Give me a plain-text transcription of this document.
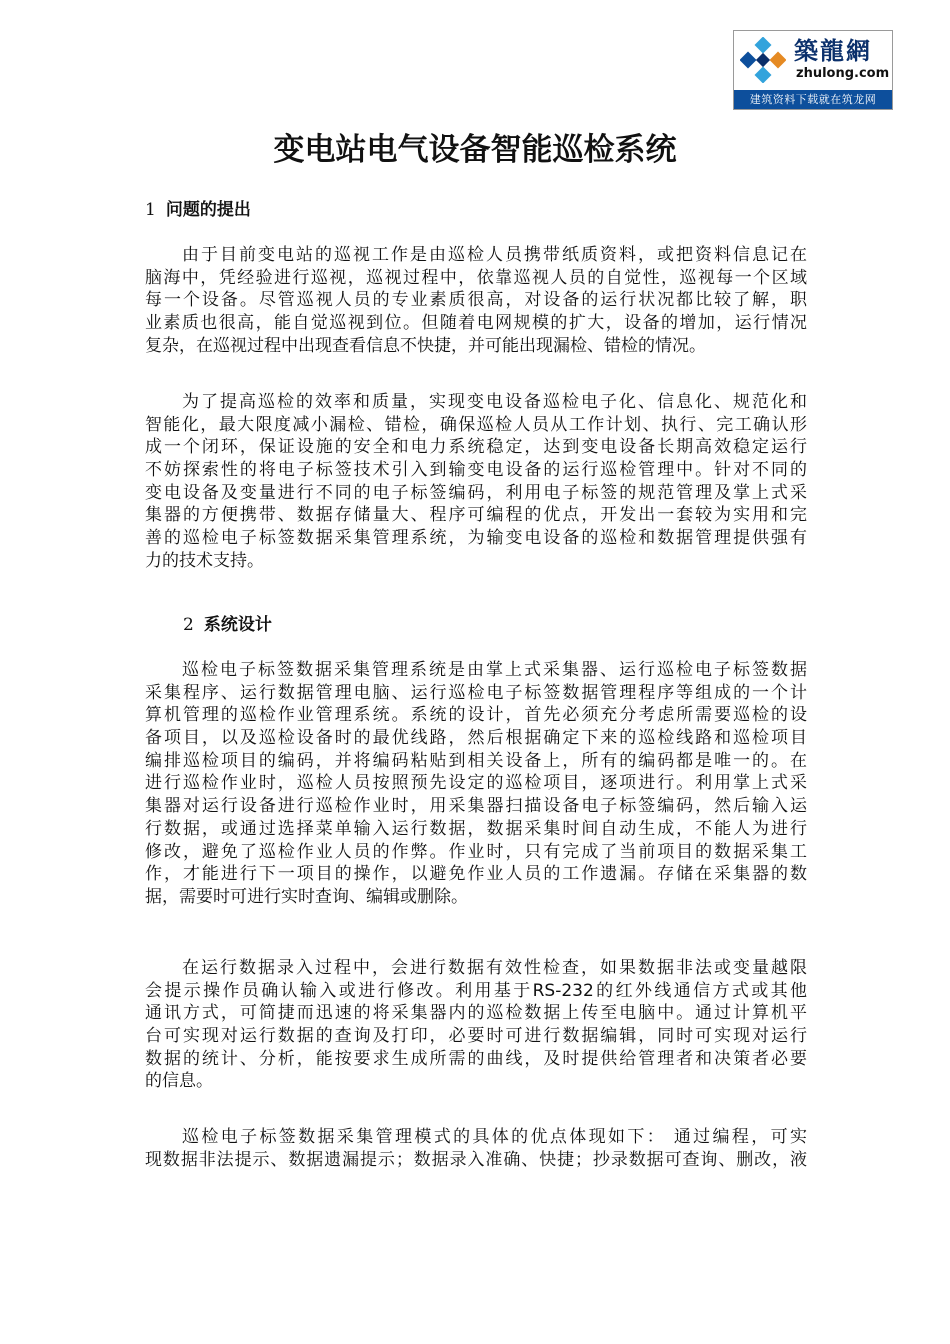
築龍網
zhulong.com
建筑资料下载就在筑龙网
变电站电气设备智能巡检系统
1 问题的提出
由于目前变电站的巡视工作是由巡检人员携带纸质资料，或把资料信息记在
脑海中，凭经验进行巡视，巡视过程中，依靠巡视人员的自觉性，巡视每一个区域
每一个设备。尽管巡视人员的专业素质很高，对设备的运行状况都比较了解，职
业素质也很高，能自觉巡视到位。但随着电网规模的扩大，设备的增加，运行情况
复杂，在巡视过程中出现查看信息不快捷，并可能出现漏检、错检的情况。
为了提高巡检的效率和质量，实现变电设备巡检电子化、信息化、规范化和
智能化，最大限度减小漏检、错检，确保巡检人员从工作计划、执行、完工确认形
成一个闭环，保证设施的安全和电力系统稳定，达到变电设备长期高效稳定运行
不妨探索性的将电子标签技术引入到输变电设备的运行巡检管理中。针对不同的
变电设备及变量进行不同的电子标签编码，利用电子标签的规范管理及掌上式采
集器的方便携带、数据存储量大、程序可编程的优点，开发出一套较为实用和完
善的巡检电子标签数据采集管理系统，为输变电设备的巡检和数据管理提供强有
力的技术支持。
2 系统设计
巡检电子标签数据采集管理系统是由掌上式采集器、运行巡检电子标签数据
采集程序、运行数据管理电脑、运行巡检电子标签数据管理程序等组成的一个计
算机管理的巡检作业管理系统。系统的设计，首先必须充分考虑所需要巡检的设
备项目，以及巡检设备时的最优线路，然后根据确定下来的巡检线路和巡检项目
编排巡检项目的编码，并将编码粘贴到相关设备上，所有的编码都是唯一的。在
进行巡检作业时，巡检人员按照预先设定的巡检项目，逐项进行。利用掌上式采
集器对运行设备进行巡检作业时，用采集器扫描设备电子标签编码，然后输入运
行数据，或通过选择菜单输入运行数据，数据采集时间自动生成，不能人为进行
修改，避免了巡检作业人员的作弊。作业时，只有完成了当前项目的数据采集工
作，才能进行下一项目的操作，以避免作业人员的工作遗漏。存储在采集器的数
据，需要时可进行实时查询、编辑或删除。
在运行数据录入过程中，会进行数据有效性检查，如果数据非法或变量越限
会提示操作员确认输入或进行修改。利用基于RS-232的红外线通信方式或其他
通讯方式，可简捷而迅速的将采集器内的巡检数据上传至电脑中。通过计算机平
台可实现对运行数据的查询及打印，必要时可进行数据编辑，同时可实现对运行
数据的统计、分析，能按要求生成所需的曲线，及时提供给管理者和决策者必要
的信息。
巡检电子标签数据采集管理模式的具体的优点体现如下： 通过编程，可实
现数据非法提示、数据遗漏提示；数据录入准确、快捷；抄录数据可查询、删改，液
